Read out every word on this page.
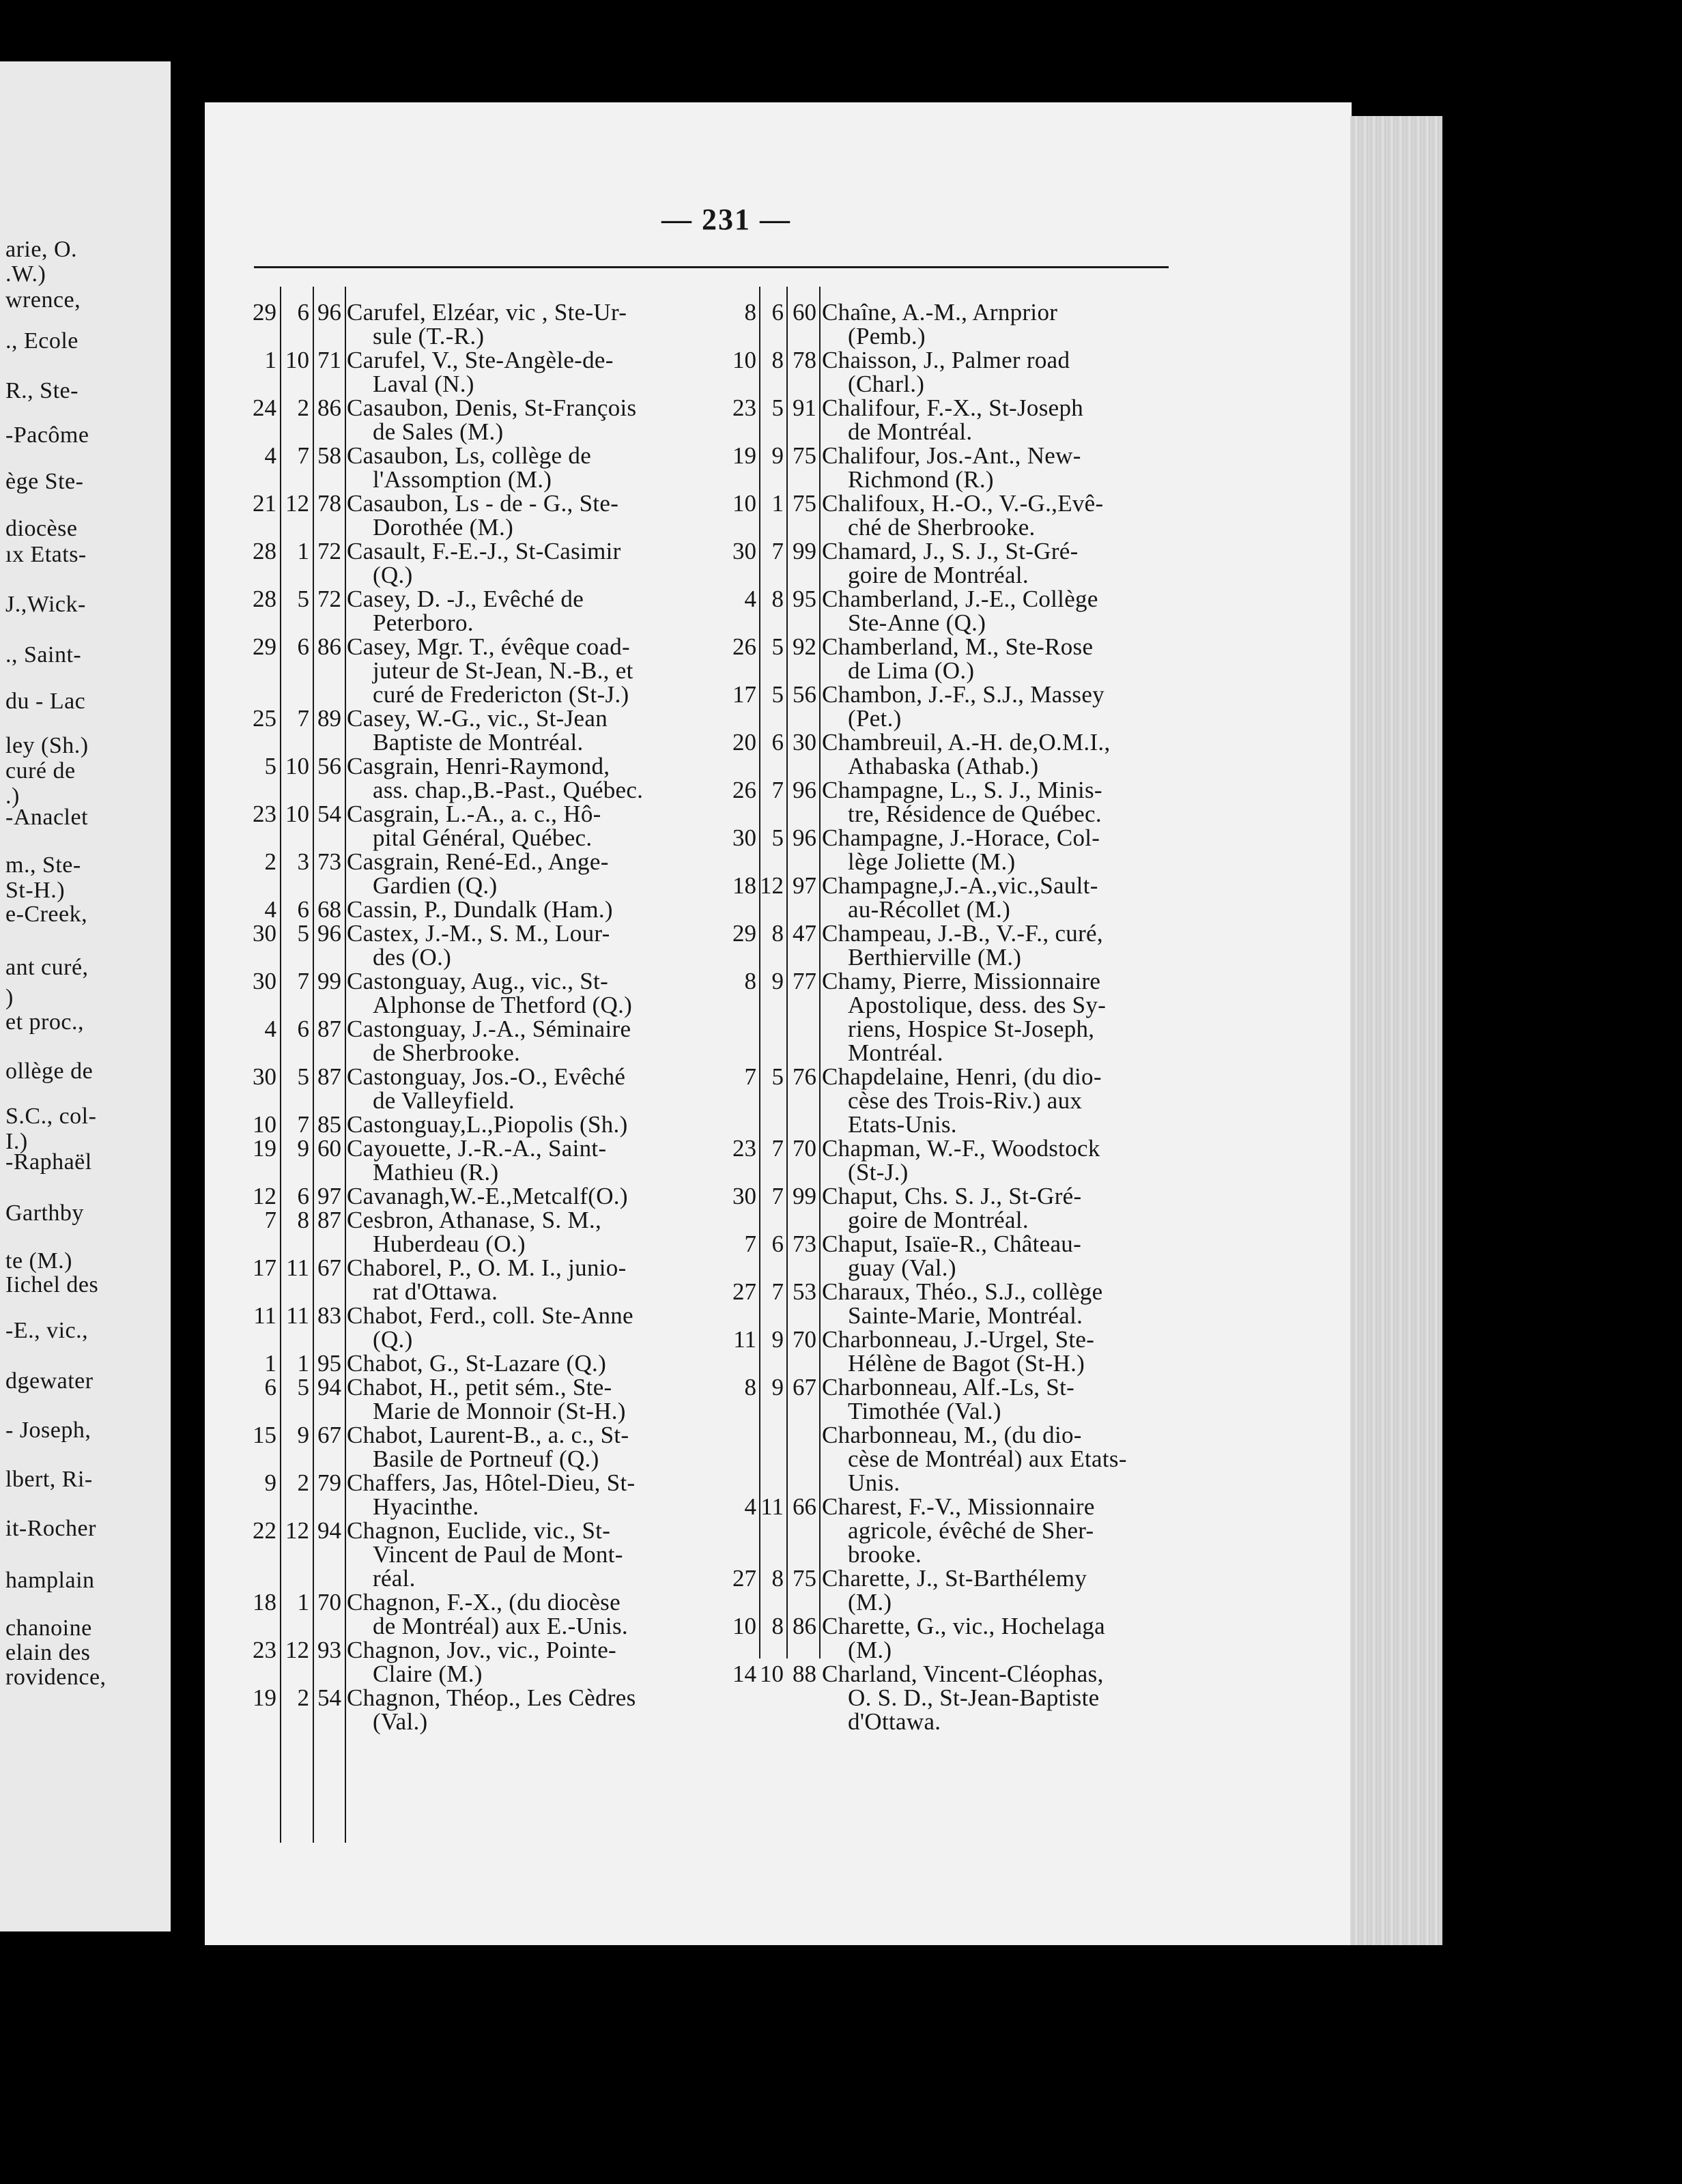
arie, O.
.W.)
wrence,
., Ecole
R., Ste-
-Pacôme
ège Ste-
diocèse
ıx Etats-
J.,Wick-
., Saint-
du - Lac
ley (Sh.)
curé de
.)
-Anaclet
m., Ste-
St-H.)
e-Creek,
ant curé,
)
et proc.,
ollège de
S.C., col-
I.)
-Raphaël
Garthby
te (M.)
Iichel des
-E., vic.,
dgewater
- Joseph,
lbert, Ri-
it-Rocher
hamplain
chanoine
elain des
rovidence,
— 231 —
29 6 96 Carufel, Elzéar, vic , Ste-Ur-
sule (T.-R.)
1 10 71 Carufel, V., Ste-Angèle-de-
Laval (N.)
24 2 86 Casaubon, Denis, St-François
de Sales (M.)
4 7 58 Casaubon, Ls, collège de
l'Assomption (M.)
21 12 78 Casaubon, Ls - de - G., Ste-
Dorothée (M.)
28 1 72 Casault, F.-E.-J., St-Casimir
(Q.)
28 5 72 Casey, D. -J., Evêché de
Peterboro.
29 6 86 Casey, Mgr. T., évêque coad-
juteur de St-Jean, N.-B., et
curé de Fredericton (St-J.)
25 7 89 Casey, W.-G., vic., St-Jean
Baptiste de Montréal.
5 10 56 Casgrain, Henri-Raymond,
ass. chap.,B.-Past., Québec.
23 10 54 Casgrain, L.-A., a. c., Hô-
pital Général, Québec.
2 3 73 Casgrain, René-Ed., Ange-
Gardien (Q.)
4 6 68 Cassin, P., Dundalk (Ham.)
30 5 96 Castex, J.-M., S. M., Lour-
des (O.)
30 7 99 Castonguay, Aug., vic., St-
Alphonse de Thetford (Q.)
4 6 87 Castonguay, J.-A., Séminaire
de Sherbrooke.
30 5 87 Castonguay, Jos.-O., Evêché
de Valleyfield.
10 7 85 Castonguay,L.,Piopolis (Sh.)
19 9 60 Cayouette, J.-R.-A., Saint-
Mathieu (R.)
12 6 97 Cavanagh,W.-E.,Metcalf(O.)
7 8 87 Cesbron, Athanase, S. M.,
Huberdeau (O.)
17 11 67 Chaborel, P., O. M. I., junio-
rat d'Ottawa.
11 11 83 Chabot, Ferd., coll. Ste-Anne
(Q.)
1 1 95 Chabot, G., St-Lazare (Q.)
6 5 94 Chabot, H., petit sém., Ste-
Marie de Monnoir (St-H.)
15 9 67 Chabot, Laurent-B., a. c., St-
Basile de Portneuf (Q.)
9 2 79 Chaffers, Jas, Hôtel-Dieu, St-
Hyacinthe.
22 12 94 Chagnon, Euclide, vic., St-
Vincent de Paul de Mont-
réal.
18 1 70 Chagnon, F.-X., (du diocèse
de Montréal) aux E.-Unis.
23 12 93 Chagnon, Jov., vic., Pointe-
Claire (M.)
19 2 54 Chagnon, Théop., Les Cèdres
(Val.)
8 6 60 Chaîne, A.-M., Arnprior
(Pemb.)
10 8 78 Chaisson, J., Palmer road
(Charl.)
23 5 91 Chalifour, F.-X., St-Joseph
de Montréal.
19 9 75 Chalifour, Jos.-Ant., New-
Richmond (R.)
10 1 75 Chalifoux, H.-O., V.-G.,Evê-
ché de Sherbrooke.
30 7 99 Chamard, J., S. J., St-Gré-
goire de Montréal.
4 8 95 Chamberland, J.-E., Collège
Ste-Anne (Q.)
26 5 92 Chamberland, M., Ste-Rose
de Lima (O.)
17 5 56 Chambon, J.-F., S.J., Massey
(Pet.)
20 6 30 Chambreuil, A.-H. de,O.M.I.,
Athabaska (Athab.)
26 7 96 Champagne, L., S. J., Minis-
tre, Résidence de Québec.
30 5 96 Champagne, J.-Horace, Col-
lège Joliette (M.)
18 12 97 Champagne,J.-A.,vic.,Sault-
au-Récollet (M.)
29 8 47 Champeau, J.-B., V.-F., curé,
Berthierville (M.)
8 9 77 Chamy, Pierre, Missionnaire
Apostolique, dess. des Sy-
riens, Hospice St-Joseph,
Montréal.
7 5 76 Chapdelaine, Henri, (du dio-
cèse des Trois-Riv.) aux
Etats-Unis.
23 7 70 Chapman, W.-F., Woodstock
(St-J.)
30 7 99 Chaput, Chs. S. J., St-Gré-
goire de Montréal.
7 6 73 Chaput, Isaïe-R., Château-
guay (Val.)
27 7 53 Charaux, Théo., S.J., collège
Sainte-Marie, Montréal.
11 9 70 Charbonneau, J.-Urgel, Ste-
Hélène de Bagot (St-H.)
8 9 67 Charbonneau, Alf.-Ls, St-
Timothée (Val.)
Charbonneau, M., (du dio-
cèse de Montréal) aux Etats-
Unis.
4 11 66 Charest, F.-V., Missionnaire
agricole, évêché de Sher-
brooke.
27 8 75 Charette, J., St-Barthélemy
(M.)
10 8 86 Charette, G., vic., Hochelaga
(M.)
14 10 88 Charland, Vincent-Cléophas,
O. S. D., St-Jean-Baptiste
d'Ottawa.
